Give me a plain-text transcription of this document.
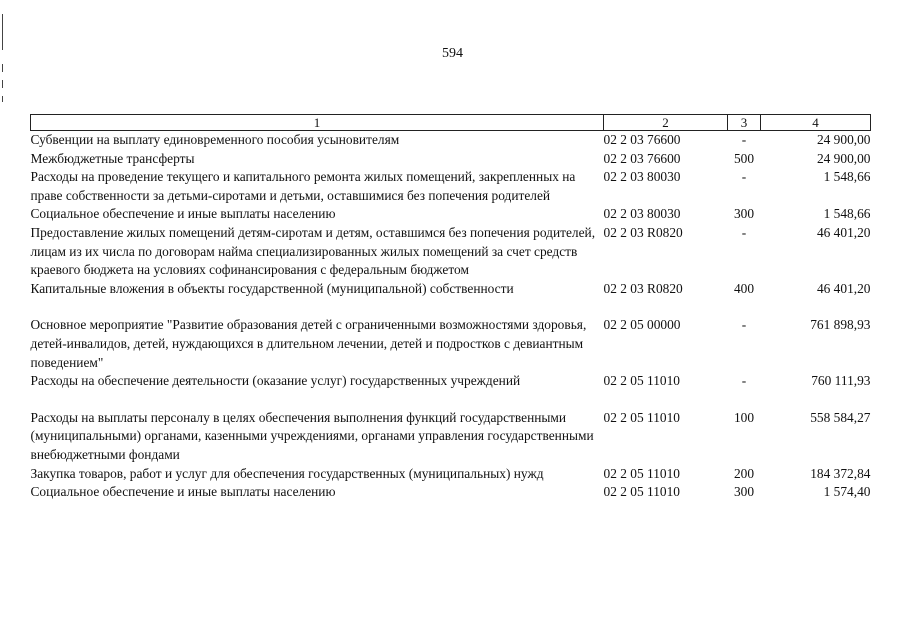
594
1	2	3	4
Субвенции на выплату единовременного пособия усыновителям	02 2 03 76600	-	24 900,00
Межбюджетные трансферты	02 2 03 76600	500	24 900,00
Расходы на проведение текущего и капитального ремонта жилых помещений, закрепленных на праве собственности за детьми-сиротами и детьми, оставшимися без попечения родителей	02 2 03 80030	-	1 548,66
Социальное обеспечение и иные выплаты населению	02 2 03 80030	300	1 548,66
Предоставление жилых помещений детям-сиротам и детям, оставшимся без попечения родителей, лицам из их числа по договорам найма специализированных жилых помещений за счет средств краевого бюджета на условиях софинансирования с федеральным бюджетом	02 2 03 R0820	-	46 401,20
Капитальные вложения в объекты государственной (муниципальной) собственности	02 2 03 R0820	400	46 401,20
Основное мероприятие "Развитие образования детей с ограниченными возможностями здоровья, детей-инвалидов, детей, нуждающихся в длительном лечении, детей и подростков с девиантным поведением"	02 2 05 00000	-	761 898,93
Расходы на обеспечение деятельности (оказание услуг) государственных учреждений	02 2 05 11010	-	760 111,93
Расходы на выплаты персоналу в целях обеспечения выполнения функций государственными (муниципальными) органами, казенными учреждениями, органами управления государственными внебюджетными фондами	02 2 05 11010	100	558 584,27
Закупка товаров, работ и услуг для обеспечения государственных (муниципальных) нужд	02 2 05 11010	200	184 372,84
Социальное обеспечение и иные выплаты населению	02 2 05 11010	300	1 574,40
